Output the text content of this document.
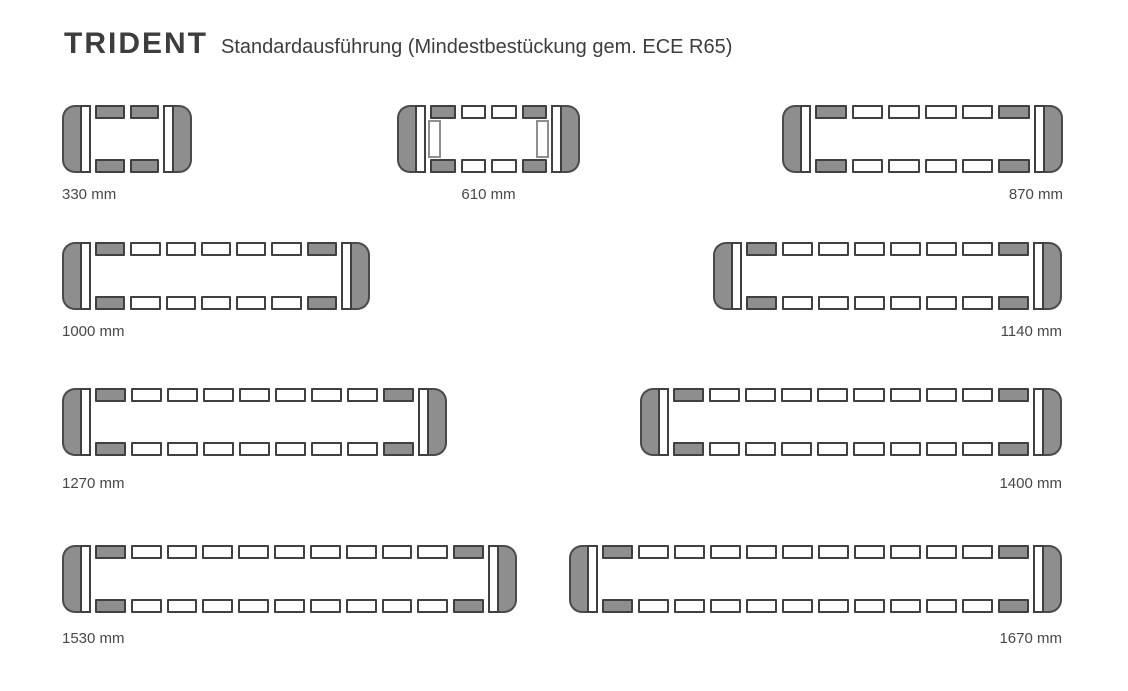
TRIDENT Standardausführung (Mindestbestückung gem. ECE R65)
330 mm	610 mm	870 mm
1000 mm	1140 mm
1270 mm	1400 mm
1530 mm	1670 mm
